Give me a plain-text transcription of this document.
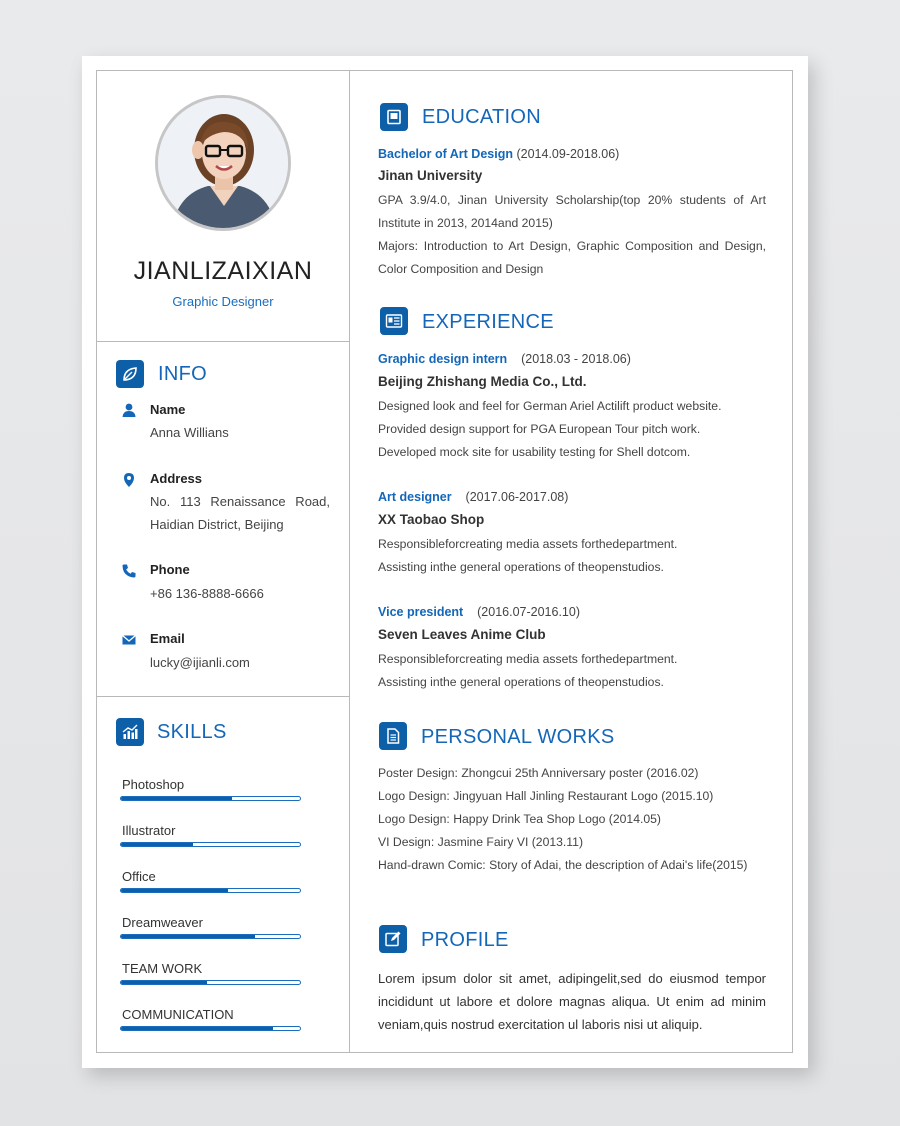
JIANLIZAIXIAN
Graphic Designer
INFO
Name
Anna Willians
Address
No. 113 Renaissance Road, Haidian District, Beijing
Phone
+86 136-8888-6666
Email
lucky@ijianli.com
SKILLS
Photoshop
Illustrator
Office
Dreamweaver
TEAM WORK
COMMUNICATION
EDUCATION
Bachelor of Art Design (2014.09-2018.06)
Jinan University
GPA 3.9/4.0, Jinan University Scholarship(top 20% students of Art Institute in 2013, 2014and 2015)
Majors: Introduction to Art Design, Graphic Composition and Design, Color Composition and Design
EXPERIENCE
Graphic design intern (2018.03 - 2018.06)
Beijing Zhishang Media Co., Ltd.
Designed look and feel for German Ariel Actilift product website.
Provided design support for PGA European Tour pitch work.
Developed mock site for usability testing for Shell dotcom.
Art designer (2017.06-2017.08)
XX Taobao Shop
Responsibleforcreating media assets forthedepartment.
Assisting inthe general operations of theopenstudios.
Vice president (2016.07-2016.10)
Seven Leaves Anime Club
Responsibleforcreating media assets forthedepartment.
Assisting inthe general operations of theopenstudios.
PERSONAL WORKS
Poster Design: Zhongcui 25th Anniversary poster (2016.02)
Logo Design: Jingyuan Hall Jinling Restaurant Logo (2015.10)
Logo Design: Happy Drink Tea Shop Logo (2014.05)
VI Design: Jasmine Fairy VI (2013.11)
Hand-drawn Comic: Story of Adai, the description of Adai's life(2015)
PROFILE
Lorem ipsum dolor sit amet, adipingelit,sed do eiusmod tempor incididunt ut labore et dolore magnas aliqua. Ut enim ad minim veniam,quis nostrud exercitation ul laboris nisi ut aliquip.
